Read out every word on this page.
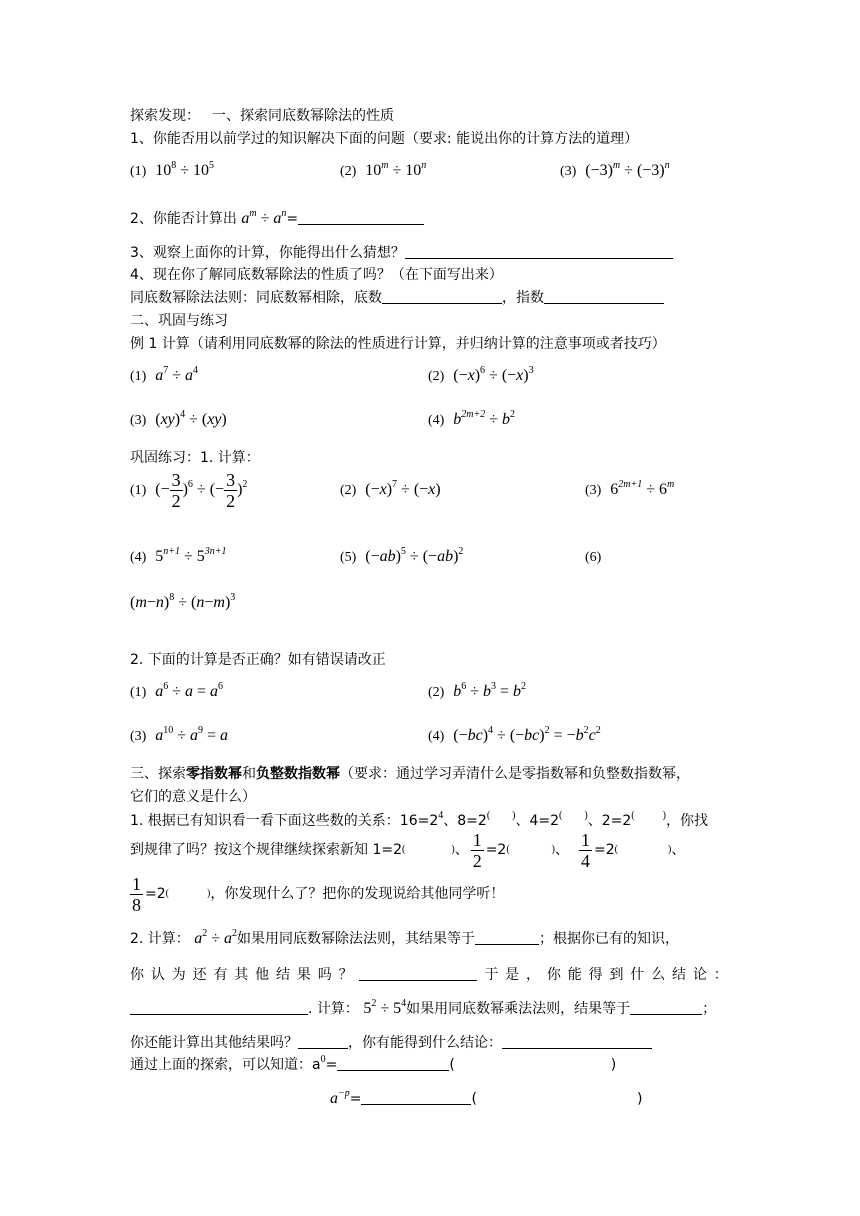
探索发现： 一、探索同底数幂除法的性质
1、你能否用以前学过的知识解决下面的问题（要求: 能说出你的计算方法的道理）
(1) $10^8 \div 10^5$	(2) $10^m \div 10^n$	(3) $(-3)^m \div (-3)^n$
2、你能否计算出 $a^m \div a^n=$
3、观察上面你的计算，你能得出什么猜想？
4、现在你了解同底数幂除法的性质了吗？（在下面写出来）
同底数幂除法法则：同底数幂相除，底数	，指数
二、巩固与练习
例 1 计算（请利用同底数幂的除法的性质进行计算，并归纳计算的注意事项或者技巧）
(1) $a^7 \div a^4$	(2) $(-x)^6 \div (-x)^3$
(3) (xy)$^4$ ÷ (xy)	(4) $b^{2m+2} \div b^2$
巩固练习：1. 计算：
(1) (− $\frac{3}{2} )^6$ ÷ (− $\frac{3}{2} )^2$	(2) $(-x)^7 \div (-x)$	(3) $6^{2m+1} \div 6^m$
(4) $5^{n+1} \div 5^{3n+1}$	(5) $(-ab)^5 \div (-ab)^2$	(6)
$(m-n)^8 \div (n-m)^3$
2. 下面的计算是否正确？如有错误请改正
(1) $a^6 \div a = a^6$	(2) $b^6 \div b^3 = b^2$
(3) $a^{10} \div a^9 = a$	(4) $(-bc)^4 \div (-bc)^2 = -b^2c^2$
三、探索零指数幂和负整数指数幂（要求：通过学习弄清什么是零指数幂和负整数指数幂，
它们的意义是什么）
1. 根据已有知识看一看下面这些数的关系：$16=2^4$、8=2( )、4=2( )、2=2(	)，你找
到规律了吗？按这个规律继续探索新知 1=2 (	) 、 $\frac{1}{2} =2$ (	) 、 $\frac{1}{4} =2$ (	) 、
$\frac{1}{8} =2$ (	) ，你发现什么了？把你的发现说给其他同学听！
2. 计算： $a^2 \div a^2$如果用同底数幂除法法则，其结果等于	；根据你已有的知识，
你 认 为 还 有 其 他 结 果 吗 ？	于 是 ， 你 能 得 到 什 么 结 论 ：
. 计算： $5^2 \div 5^4$如果用同底数幂乘法法则，结果等于	；
你还能计算出其他结果吗？	，你有能得到什么结论：
通过上面的探索，可以知道：$a^0=$	(	)
$a^{-p}=$	(	)
